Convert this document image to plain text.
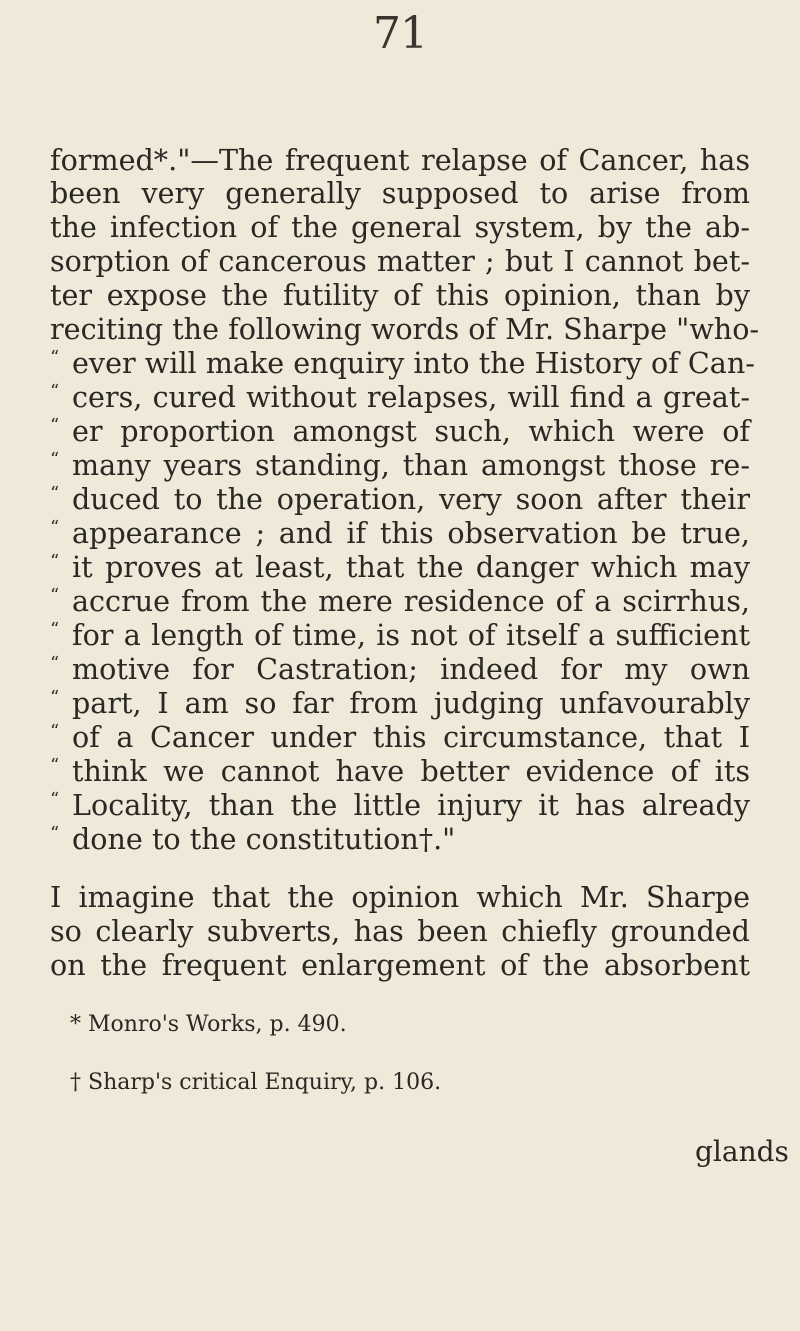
71
formed*."—The frequent relapse of Cancer, has
been very generally supposed to arise from
the infection of the general system, by the ab-
sorption of cancerous matter ; but I cannot bet-
ter expose the futility of this opinion, than by
reciting the following words of Mr. Sharpe "who-
“ ever will make enquiry into the History of Can-
“ cers, cured without relapses, will find a great-
“ er proportion amongst such, which were of
“ many years standing, than amongst those re-
“ duced to the operation, very soon after their
“ appearance ; and if this observation be true,
“ it proves at least, that the danger which may
“ accrue from the mere residence of a scirrhus,
“ for a length of time, is not of itself a sufficient
“ motive for Castration; indeed for my own
“ part, I am so far from judging unfavourably
“ of a Cancer under this circumstance, that I
“ think we cannot have better evidence of its
“ Locality, than the little injury it has already
“ done to the constitution†."
I imagine that the opinion which Mr. Sharpe
so clearly subverts, has been chiefly grounded
on the frequent enlargement of the absorbent
* Monro's Works, p. 490.
† Sharp's critical Enquiry, p. 106.
glands
